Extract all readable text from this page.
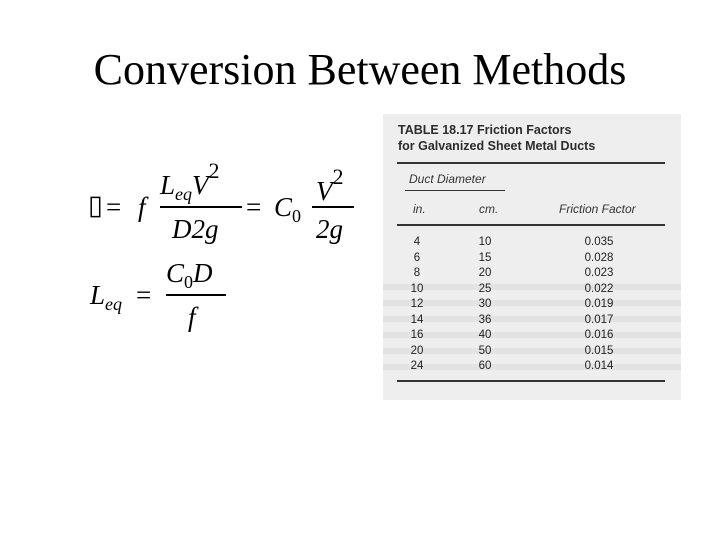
Conversion Between Methods
▯ = f
$L_{eq}V^2$
D2g
= $C_0$
$V^2$
2g
$L_{eq}$ =
$C_0D$
f
TABLE 18.17 Friction Factors
for Galvanized Sheet Metal Ducts
Duct Diameter
in.	cm.	Friction Factor
4	10	0.035
6	15	0.028
8	20	0.023
10	25	0.022
12	30	0.019
14	36	0.017
16	40	0.016
20	50	0.015
24	60	0.014
